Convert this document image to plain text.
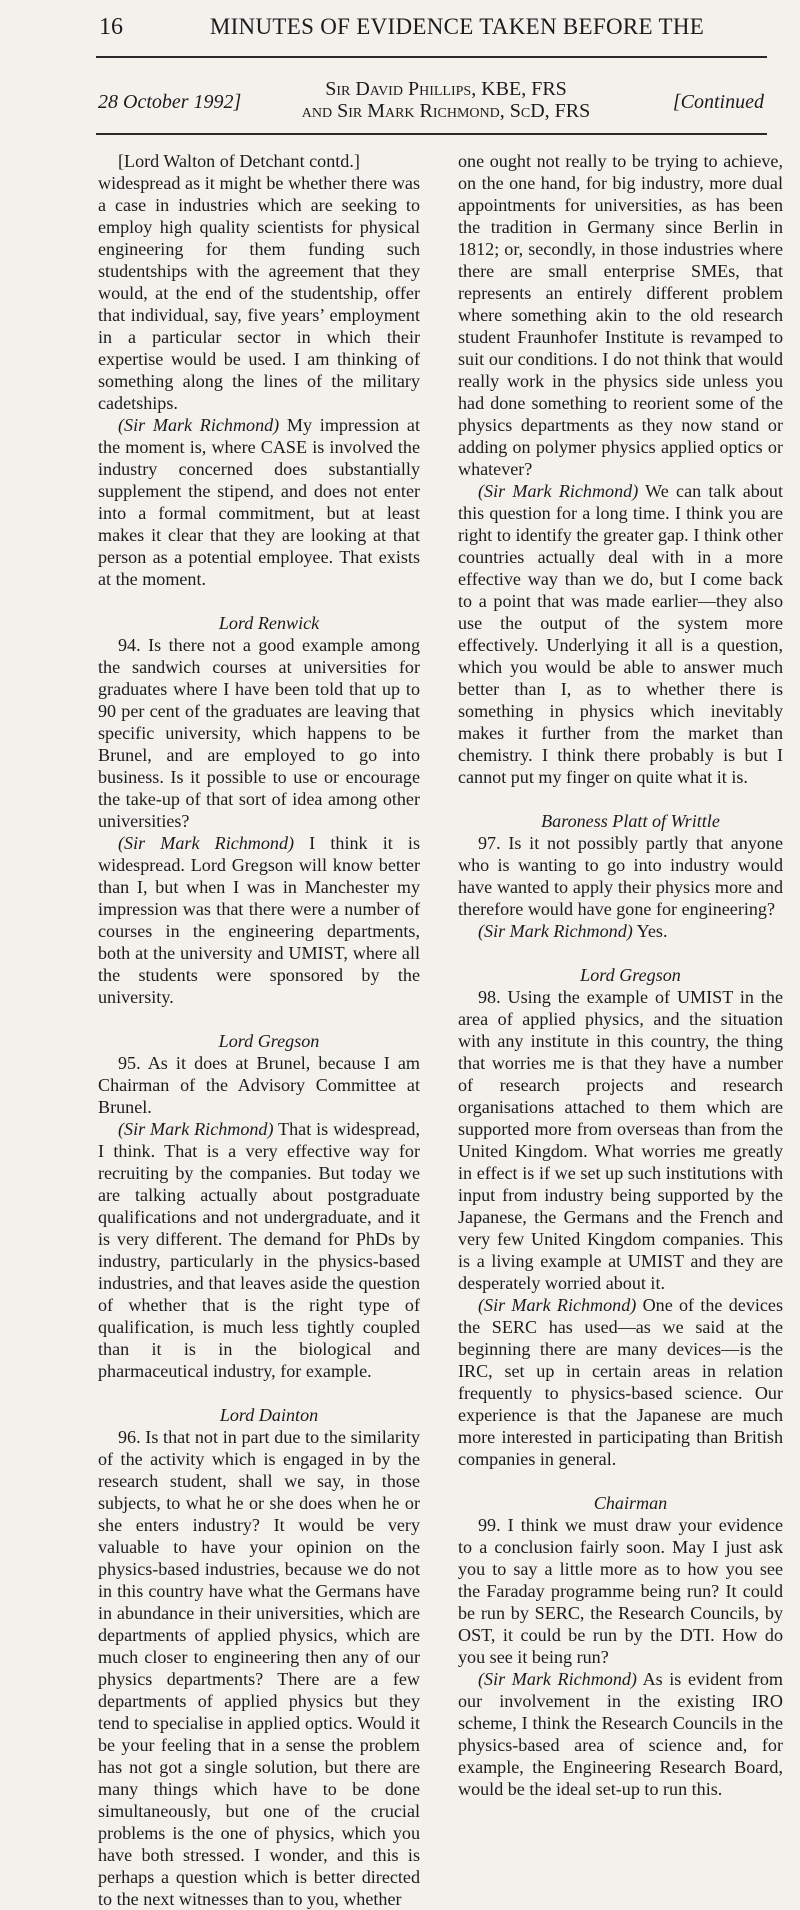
16	MINUTES OF EVIDENCE TAKEN BEFORE THE
28 October 1992]
Sir David Phillips, KBE, FRS
and Sir Mark Richmond, ScD, FRS	[Continued

[Lord Walton of Detchant contd.]

widespread as it might be whether there was a case in industries which are seeking to employ high quality scientists for physical engineering for them funding such studentships with the agreement that they would, at the end of the studentship, offer that individual, say, five years’ employment in a particular sector in which their expertise would be used. I am thinking of something along the lines of the military cadetships.

(Sir Mark Richmond) My impression at the moment is, where CASE is involved the industry concerned does substantially supplement the stipend, and does not enter into a formal commitment, but at least makes it clear that they are looking at that person as a potential employee. That exists at the moment.

Lord Renwick

94. Is there not a good example among the sandwich courses at universities for graduates where I have been told that up to 90 per cent of the graduates are leaving that specific university, which happens to be Brunel, and are employed to go into business. Is it possible to use or encourage the take-up of that sort of idea among other universities?

(Sir Mark Richmond) I think it is widespread. Lord Gregson will know better than I, but when I was in Manchester my impression was that there were a number of courses in the engineering departments, both at the university and UMIST, where all the students were sponsored by the university.

Lord Gregson

95. As it does at Brunel, because I am Chairman of the Advisory Committee at Brunel.

(Sir Mark Richmond) That is widespread, I think. That is a very effective way for recruiting by the companies. But today we are talking actually about postgraduate qualifications and not undergraduate, and it is very different. The demand for PhDs by industry, particularly in the physics-based industries, and that leaves aside the question of whether that is the right type of qualification, is much less tightly coupled than it is in the biological and pharmaceutical industry, for example.

Lord Dainton

96. Is that not in part due to the similarity of the activity which is engaged in by the research student, shall we say, in those subjects, to what he or she does when he or she enters industry? It would be very valuable to have your opinion on the physics-based industries, because we do not in this country have what the Germans have in abundance in their universities, which are departments of applied physics, which are much closer to engineering then any of our physics departments? There are a few departments of applied physics but they tend to specialise in applied optics. Would it be your feeling that in a sense the problem has not got a single solution, but there are many things which have to be done simultaneously, but one of the crucial problems is the one of physics, which you have both stressed. I wonder, and this is perhaps a question which is better directed to the next witnesses than to you, whether

one ought not really to be trying to achieve, on the one hand, for big industry, more dual appointments for universities, as has been the tradition in Germany since Berlin in 1812; or, secondly, in those industries where there are small enterprise SMEs, that represents an entirely different problem where something akin to the old research student Fraunhofer Institute is revamped to suit our conditions. I do not think that would really work in the physics side unless you had done something to reorient some of the physics departments as they now stand or adding on polymer physics applied optics or whatever?

(Sir Mark Richmond) We can talk about this question for a long time. I think you are right to identify the greater gap. I think other countries actually deal with in a more effective way than we do, but I come back to a point that was made earlier—they also use the output of the system more effectively. Underlying it all is a question, which you would be able to answer much better than I, as to whether there is something in physics which inevitably makes it further from the market than chemistry. I think there probably is but I cannot put my finger on quite what it is.

Baroness Platt of Writtle

97. Is it not possibly partly that anyone who is wanting to go into industry would have wanted to apply their physics more and therefore would have gone for engineering?

(Sir Mark Richmond) Yes.

Lord Gregson

98. Using the example of UMIST in the area of applied physics, and the situation with any institute in this country, the thing that worries me is that they have a number of research projects and research organisations attached to them which are supported more from overseas than from the United Kingdom. What worries me greatly in effect is if we set up such institutions with input from industry being supported by the Japanese, the Germans and the French and very few United Kingdom companies. This is a living example at UMIST and they are desperately worried about it.

(Sir Mark Richmond) One of the devices the SERC has used—as we said at the beginning there are many devices—is the IRC, set up in certain areas in relation frequently to physics-based science. Our experience is that the Japanese are much more interested in participating than British companies in general.

Chairman

99. I think we must draw your evidence to a conclusion fairly soon. May I just ask you to say a little more as to how you see the Faraday programme being run? It could be run by SERC, the Research Councils, by OST, it could be run by the DTI. How do you see it being run?

(Sir Mark Richmond) As is evident from our involvement in the existing IRO scheme, I think the Research Councils in the physics-based area of science and, for example, the Engineering Research Board, would be the ideal set-up to run this.
